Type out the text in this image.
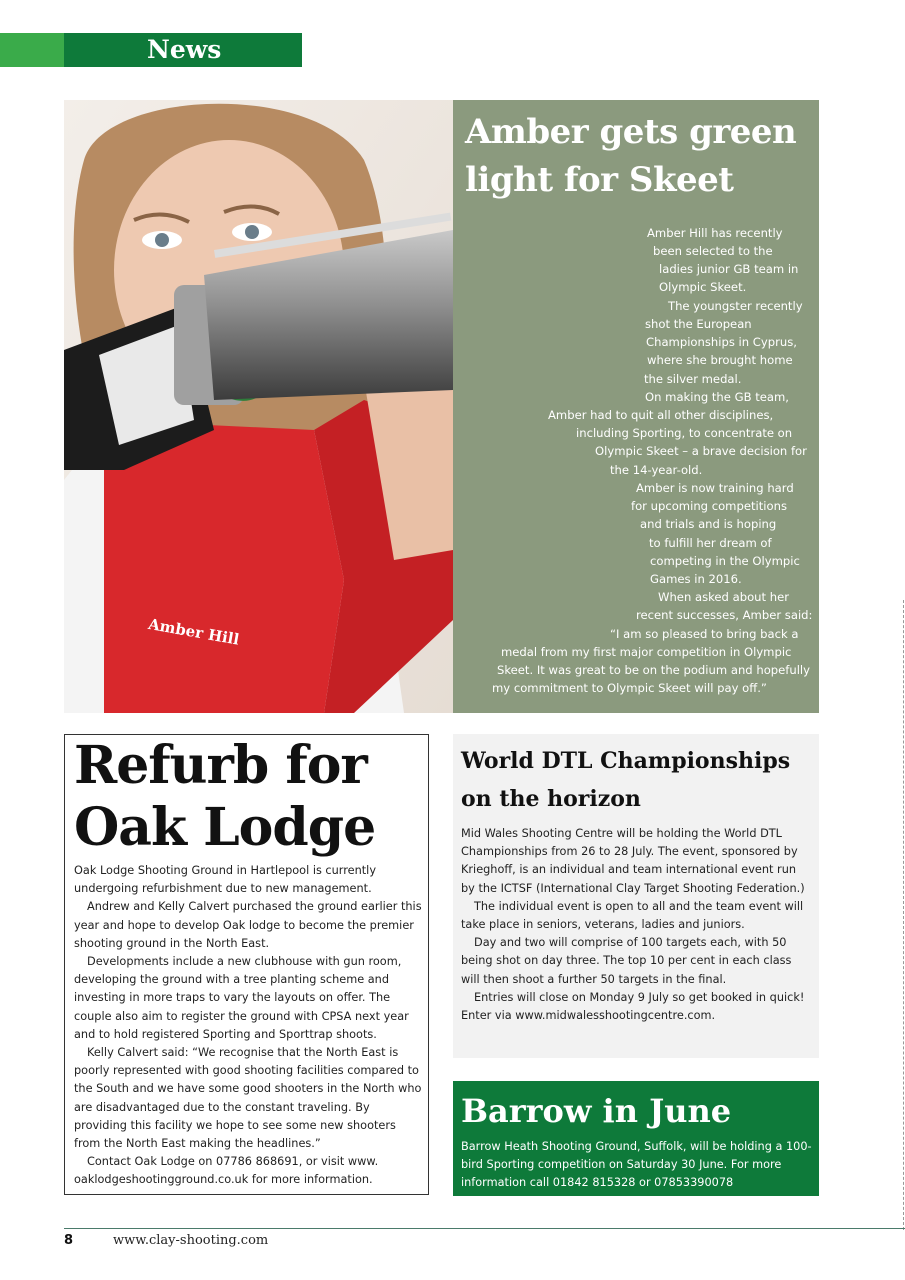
News
Amber Hill
Amber gets green light for Skeet
Amber Hill has recently
been selected to the
ladies junior GB team in
Olympic Skeet.
The youngster recently
shot the European
Championships in Cyprus,
where she brought home
the silver medal.
On making the GB team,
Amber had to quit all other disciplines,
including Sporting, to concentrate on
Olympic Skeet – a brave decision for
the 14-year-old.
Amber is now training hard
for upcoming competitions
and trials and is hoping
to fulfill her dream of
competing in the Olympic
Games in 2016.
When asked about her
recent successes, Amber said:
“I am so pleased to bring back a
medal from my first major competition in Olympic
Skeet. It was great to be on the podium and hopefully
my commitment to Olympic Skeet will pay off.”
Refurb for
Oak Lodge

Oak Lodge Shooting Ground in Hartlepool is currently undergoing refurbishment due to new management.

Andrew and Kelly Calvert purchased the ground earlier this year and hope to develop Oak lodge to become the premier shooting ground in the North East.

Developments include a new clubhouse with gun room, developing the ground with a tree planting scheme and investing in more traps to vary the layouts on offer. The couple also aim to register the ground with CPSA next year and to hold registered Sporting and Sporttrap shoots.

Kelly Calvert said: “We recognise that the North East is poorly represented with good shooting facilities compared to the South and we have some good shooters in the North who are disadvantaged due to the constant traveling. By providing this facility we hope to see some new shooters from the North East making the headlines.”

Contact Oak Lodge on 07786 868691, or visit www. oaklodgeshootingground.co.uk for more information.

World DTL Championships
on the horizon

Mid Wales Shooting Centre will be holding the World DTL Championships from 26 to 28 July. The event, sponsored by Krieghoff, is an individual and team international event run by the ICTSF (International Clay Target Shooting Federation.)

The individual event is open to all and the team event will take place in seniors, veterans, ladies and juniors.

Day and two will comprise of 100 targets each, with 50 being shot on day three. The top 10 per cent in each class will then shoot a further 50 targets in the final.

Entries will close on Monday 9 July so get booked in quick! Enter via www.midwalesshootingcentre.com.

Barrow in June

Barrow Heath Shooting Ground, Suffolk, will be holding a 100-bird Sporting competition on Saturday 30 June. For more information call 01842 815328 or 07853390078

8	www.clay-shooting.com
